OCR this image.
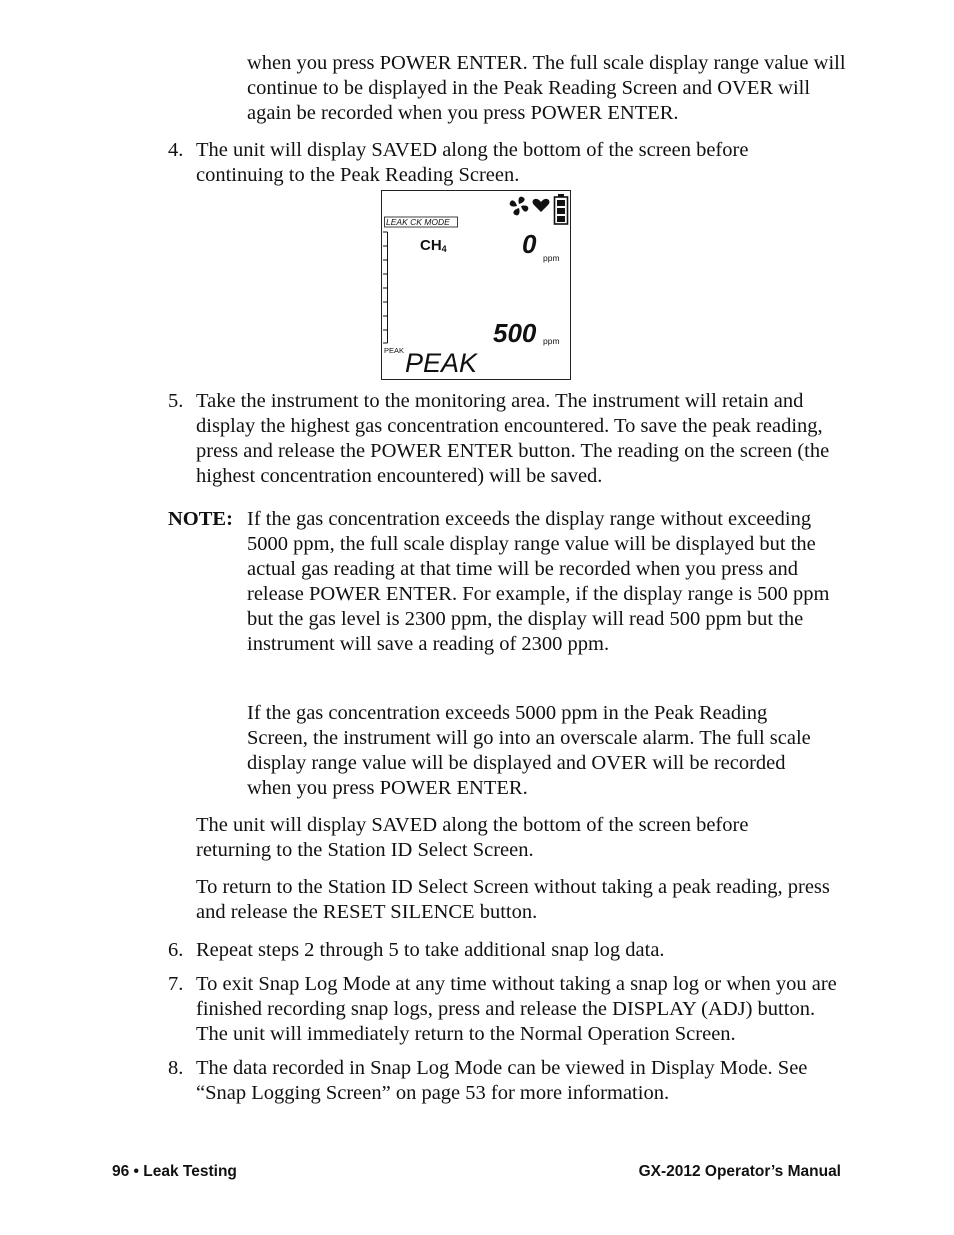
when you press POWER ENTER. The full scale display range value will continue to be displayed in the Peak Reading Screen and OVER will again be recorded when you press POWER ENTER.

4. The unit will display SAVED along the bottom of the screen before continuing to the Peak Reading Screen.

LEAK CK MODE
$CH_4$	0 ppm
500 ppm
PEAK PEAK
5. Take the instrument to the monitoring area. The instrument will retain and display the highest gas concentration encountered. To save the peak reading, press and release the POWER ENTER button. The reading on the screen (the highest concentration encountered) will be saved.

NOTE: If the gas concentration exceeds the display range without exceeding 5000 ppm, the full scale display range value will be displayed but the actual gas reading at that time will be recorded when you press and release POWER ENTER. For example, if the display range is 500 ppm but the gas level is 2300 ppm, the display will read 500 ppm but the instrument will save a reading of 2300 ppm.

If the gas concentration exceeds 5000 ppm in the Peak Reading Screen, the instrument will go into an overscale alarm. The full scale display range value will be displayed and OVER will be recorded when you press POWER ENTER.

The unit will display SAVED along the bottom of the screen before returning to the Station ID Select Screen.

To return to the Station ID Select Screen without taking a peak reading, press and release the RESET SILENCE button.

6. Repeat steps 2 through 5 to take additional snap log data.

7. To exit Snap Log Mode at any time without taking a snap log or when you are finished recording snap logs, press and release the DISPLAY (ADJ) button. The unit will immediately return to the Normal Operation Screen.

8. The data recorded in Snap Log Mode can be viewed in Display Mode. See “Snap Logging Screen” on page 53 for more information.

96 • Leak Testing	GX-2012 Operator’s Manual
